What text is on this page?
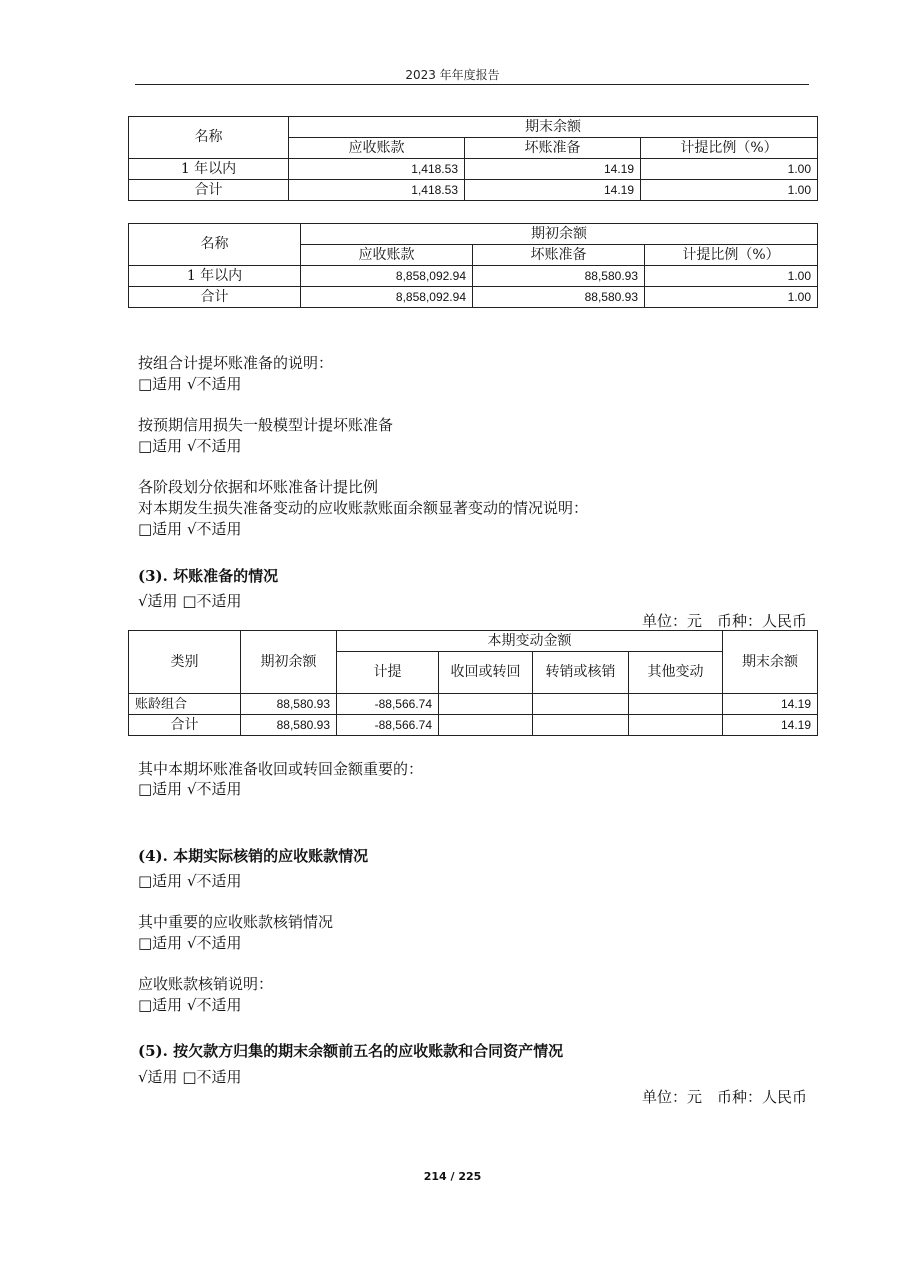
2023 年年度报告
名称	期末余额		
	应收账款	坏账准备	计提比例（%）
1 年以内	1,418.53	14.19	1.00
合计	1,418.53	14.19	1.00
名称	期初余额		
	应收账款	坏账准备	计提比例（%）
1 年以内	8,858,092.94	88,580.93	1.00
合计	8,858,092.94	88,580.93	1.00
按组合计提坏账准备的说明：
□适用 √不适用
按预期信用损失一般模型计提坏账准备
□适用 √不适用
各阶段划分依据和坏账准备计提比例
对本期发生损失准备变动的应收账款账面余额显著变动的情况说明：
□适用 √不适用
(3). 坏账准备的情况
√适用 □不适用
单位：元　币种：人民币
类别	期初余额	本期变动金额				期末余额
		计提	收回或转回	转销或核销	其他变动	
账龄组合	88,580.93	-88,566.74				14.19
合计	88,580.93	-88,566.74				14.19
其中本期坏账准备收回或转回金额重要的：
□适用 √不适用
(4). 本期实际核销的应收账款情况
□适用 √不适用
其中重要的应收账款核销情况
□适用 √不适用
应收账款核销说明：
□适用 √不适用
(5). 按欠款方归集的期末余额前五名的应收账款和合同资产情况
√适用 □不适用
单位：元　币种：人民币
214 / 225
